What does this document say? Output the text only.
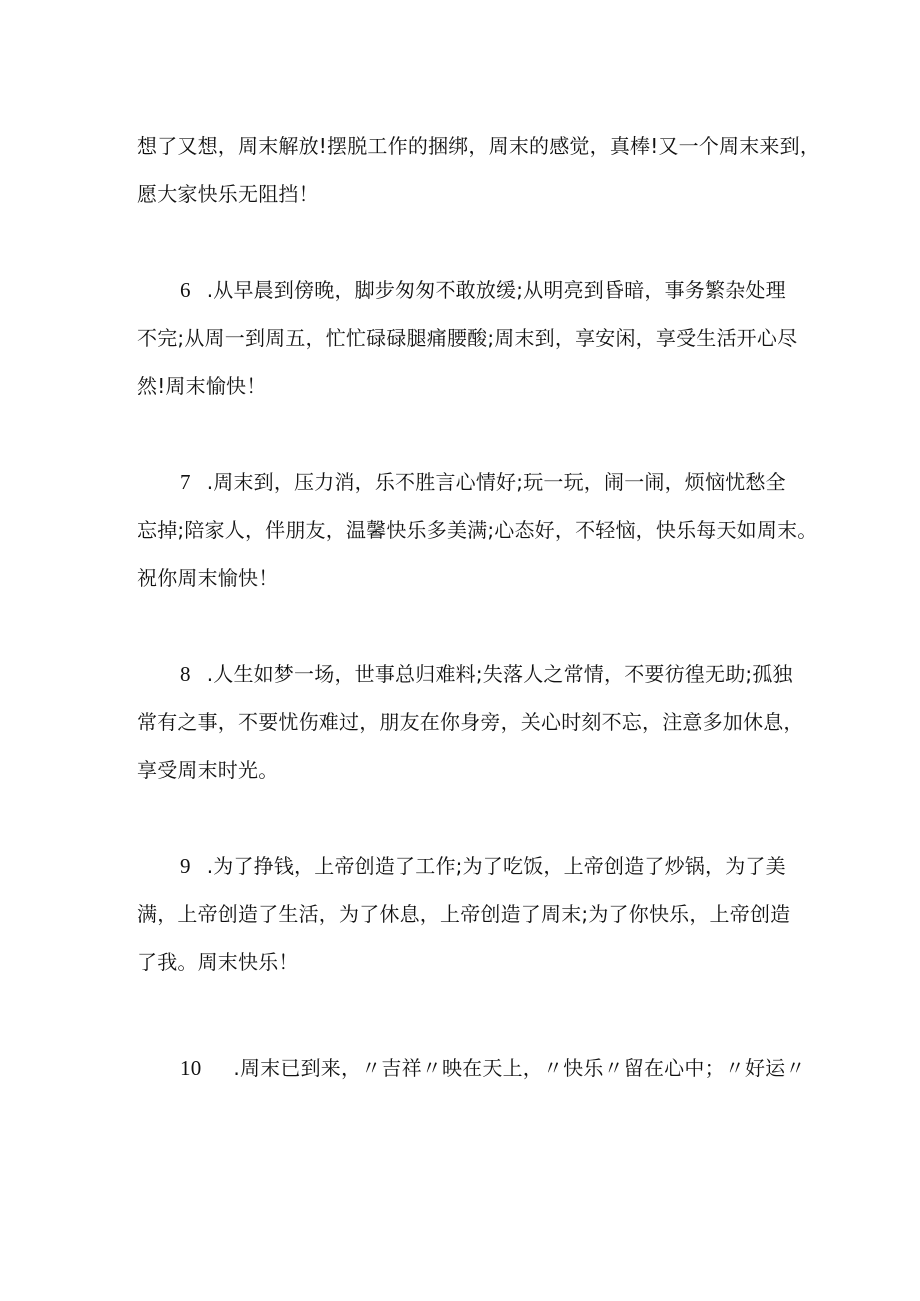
想了又想，周末解放!摆脱工作的捆绑，周末的感觉，真棒!又一个周末来到，
愿大家快乐无阻挡！
6 .从早晨到傍晚，脚步匆匆不敢放缓;从明亮到昏暗，事务繁杂处理
不完;从周一到周五，忙忙碌碌腿痛腰酸;周末到，享安闲，享受生活开心尽
然!周末愉快！
7 .周末到，压力消，乐不胜言心情好;玩一玩，闹一闹，烦恼忧愁全
忘掉;陪家人，伴朋友，温馨快乐多美满;心态好，不轻恼，快乐每天如周末。
祝你周末愉快！
8 .人生如梦一场，世事总归难料;失落人之常情，不要彷徨无助;孤独
常有之事，不要忧伤难过，朋友在你身旁，关心时刻不忘，注意多加休息，
享受周末时光。
9 .为了挣钱，上帝创造了工作;为了吃饭，上帝创造了炒锅，为了美
满，上帝创造了生活，为了休息，上帝创造了周末;为了你快乐，上帝创造
了我。周末快乐！
10 .周末已到来，〃吉祥〃映在天上，〃快乐〃留在心中；〃好运〃
